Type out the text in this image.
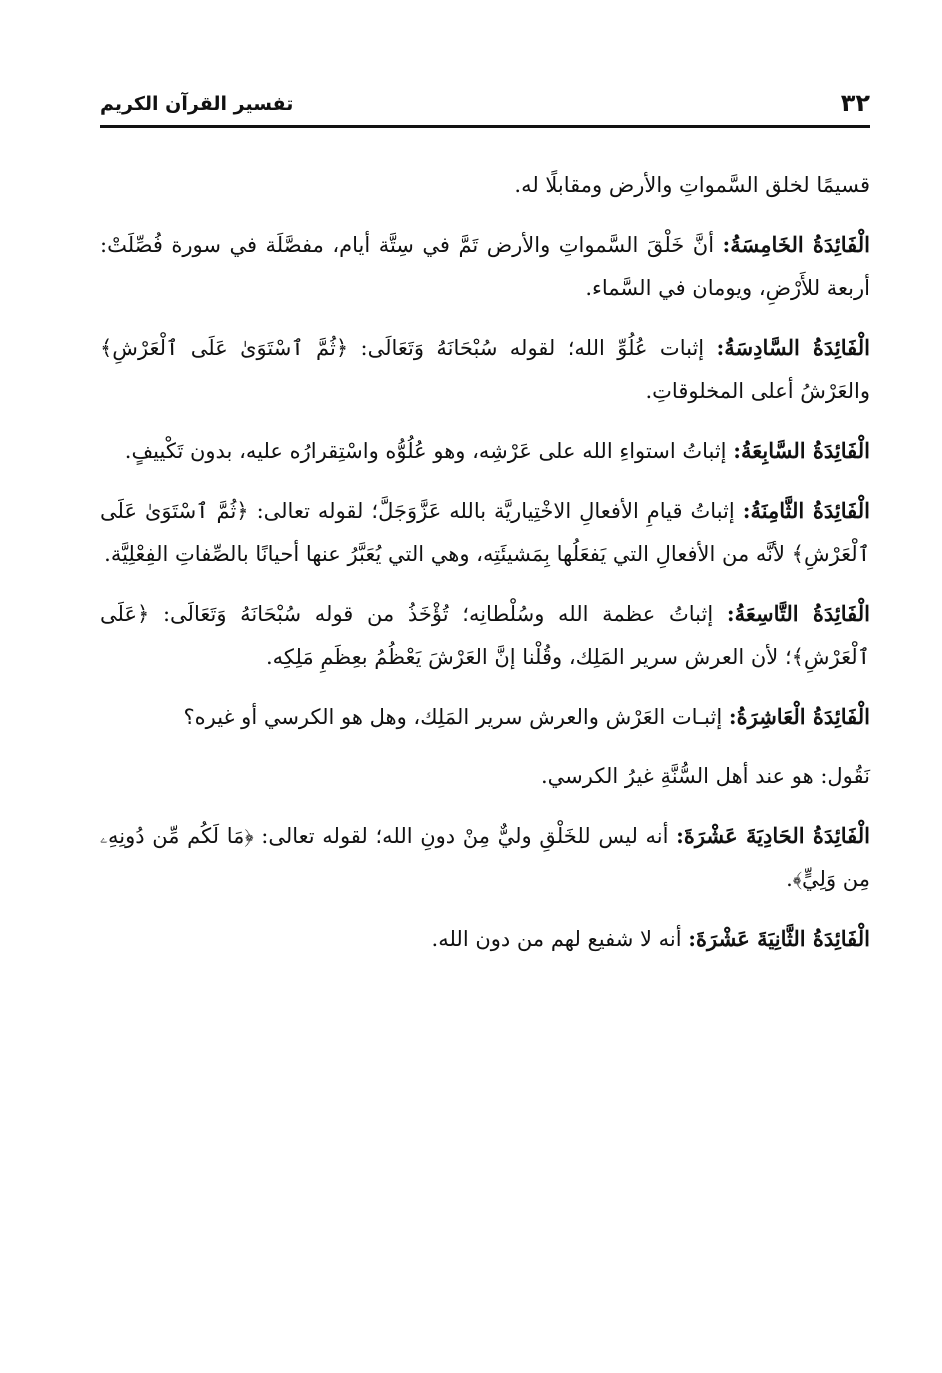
٣٢
تفسير القرآن الكريم

قسيمًا لخلق السَّمواتِ والأرض ومقابلًا له.

الْفَائِدَةُ الخَامِسَةُ: أنَّ خَلْقَ السَّمواتِ والأرض تَمَّ في سِتَّة أيام، مفصَّلَة في سورة فُصِّلَتْ: أربعة للأَرْضِ، ويومان في السَّماء.

الْفَائِدَةُ السَّادِسَةُ: إثبات عُلُوِّ الله؛ لقوله سُبْحَانَهُ وَتَعَالَى: ﴿ثُمَّ ٱسْتَوَىٰ عَلَى ٱلْعَرْشِ﴾ والعَرْشُ أعلى المخلوقاتِ.

الْفَائِدَةُ السَّابِعَةُ: إثباتُ استواءِ الله على عَرْشِه، وهو عُلُوُّه واسْتِقرارُه عليه، بدون تَكْييفٍ.

الْفَائِدَةُ الثَّامِنَةُ: إثباتُ قيامِ الأفعالِ الاخْتِياريَّة بالله عَزَّوَجَلَّ؛ لقوله تعالى: ﴿ثُمَّ ٱسْتَوَىٰ عَلَى ٱلْعَرْشِ﴾ لأنَّه من الأفعالِ التي يَفعَلُها بِمَشيئَتِه، وهي التي يُعَبَّرُ عنها أحيانًا بالصِّفاتِ الفِعْلِيَّة.

الْفَائِدَةُ التَّاسِعَةُ: إثباتُ عظمة الله وسُلْطانِه؛ تُؤْخَذُ من قوله سُبْحَانَهُ وَتَعَالَى: ﴿عَلَى ٱلْعَرْشِ﴾؛ لأن العرش سرير المَلِك، وقُلْنا إنَّ العَرْشَ يَعْظُمُ بعِظَمِ مَلِكِه.

الْفَائِدَةُ الْعَاشِرَةُ: إثبـات العَرْش والعرش سرير المَلِك، وهل هو الكرسي أو غيره؟

نَقُول: هو عند أهل السُّنَّةِ غيرُ الكرسي.

الْفَائِدَةُ الحَادِيَةَ عَشْرَةَ: أنه ليس للخَلْقِ وليٌّ مِنْ دونِ الله؛ لقوله تعالى: ﴿مَا لَكُم مِّن دُونِهِۦ مِن وَلِيٍّ﴾.

الْفَائِدَةُ الثَّانِيَةَ عَشْرَةَ: أنه لا شفيع لهم من دون الله.
